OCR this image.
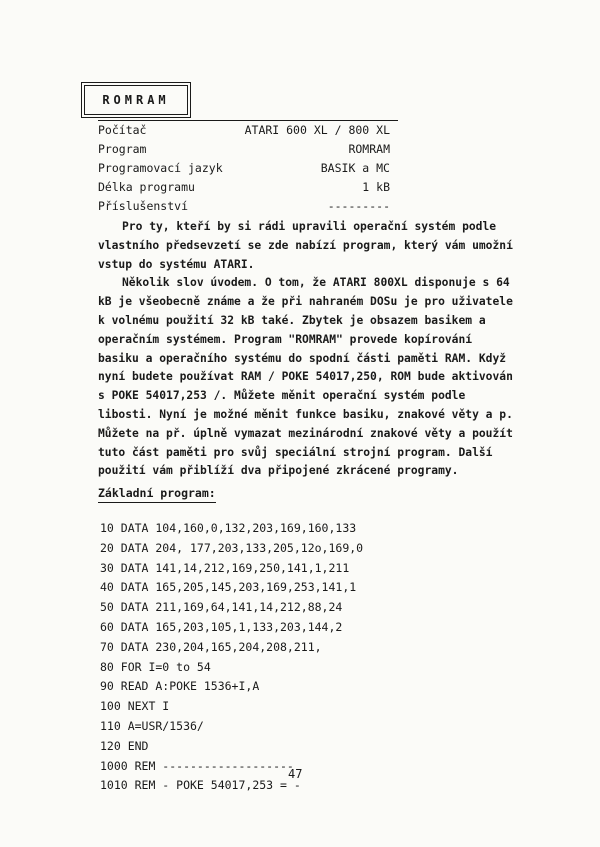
ROMRAM
Počítač	ATARI 600 XL / 800 XL
Program	ROMRAM
Programovací jazyk	BASIK a MC
Délka programu	1 kB
Příslušenství	---------

Pro ty, kteří by si rádi upravili operační systém podle vlastního předsevzetí se zde nabízí program, který vám umožní vstup do systému ATARI.

Několik slov úvodem. O tom, že ATARI 800XL disponuje s 64 kB je všeobecně známe a že při nahraném DOSu je pro uživatele k volnému použití 32 kB také. Zbytek je obsazem basikem a operačním systémem. Program "ROMRAM" provede kopírování basiku a operačního systému do spodní části paměti RAM. Když nyní budete používat RAM / POKE 54017,250, ROM bude aktivován s POKE 54017,253 /. Můžete měnit operační systém podle libosti. Nyní je možné měnit funkce basiku, znakové věty a p. Můžete na př. úplně vymazat mezinárodní znakové věty a použít tuto část paměti pro svůj speciální strojní program. Další použití vám přiblíží dva připojené zkrácené programy.

Základní program:
10 DATA 104,160,0,132,203,169,160,133
20 DATA 204, 177,203,133,205,12o,169,0
30 DATA 141,14,212,169,250,141,1,211
40 DATA 165,205,145,203,169,253,141,1
50 DATA 211,169,64,141,14,212,88,24
60 DATA 165,203,105,1,133,203,144,2
70 DATA 230,204,165,204,208,211,
80 FOR I=0 to 54
90 READ A:POKE 1536+I,A
100 NEXT I
110 A=USR/1536/
120 END
1000 REM -------------------
1010 REM - POKE 54017,253 = -
47
